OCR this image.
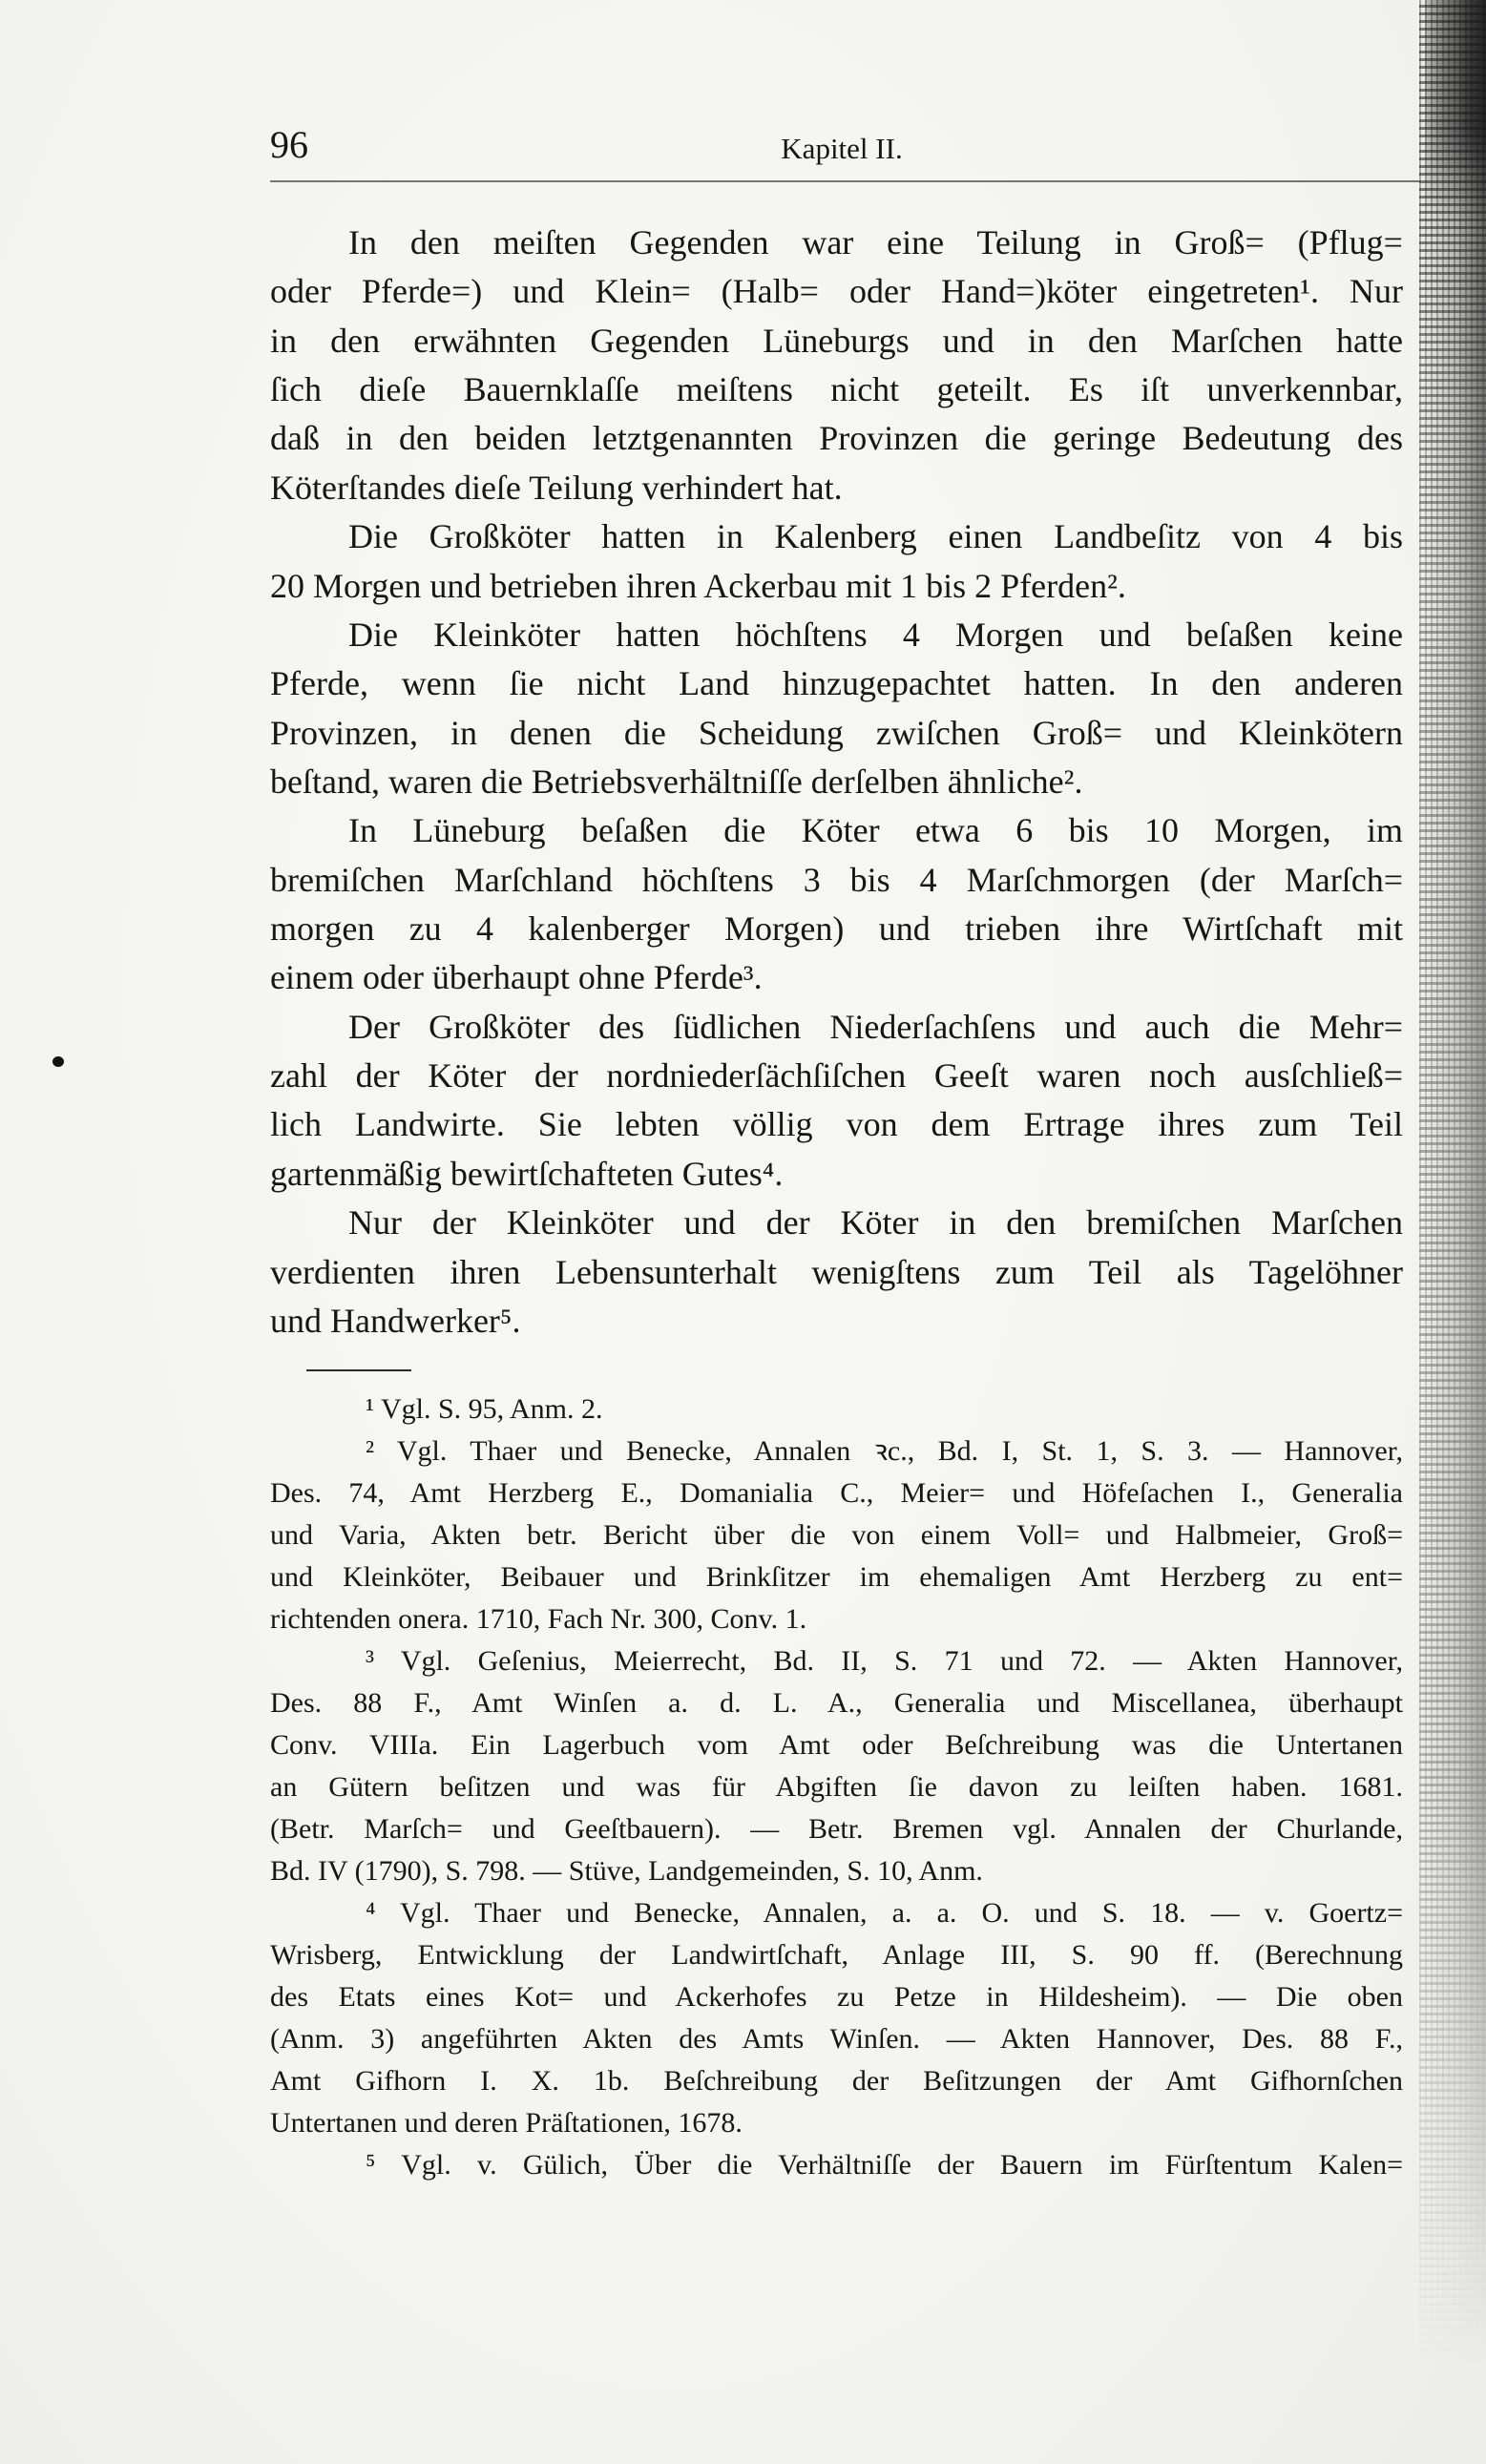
96	Kapitel II.
In den meiſten Gegenden war eine Teilung in Groß= (Pflug=
oder Pferde=) und Klein= (Halb= oder Hand=)köter eingetreten¹. Nur
in den erwähnten Gegenden Lüneburgs und in den Marſchen hatte
ſich dieſe Bauernklaſſe meiſtens nicht geteilt. Es iſt unverkennbar,
daß in den beiden letztgenannten Provinzen die geringe Bedeutung des
Köterſtandes dieſe Teilung verhindert hat.
Die Großköter hatten in Kalenberg einen Landbeſitz von 4 bis
20 Morgen und betrieben ihren Ackerbau mit 1 bis 2 Pferden².
Die Kleinköter hatten höchſtens 4 Morgen und beſaßen keine
Pferde, wenn ſie nicht Land hinzugepachtet hatten. In den anderen
Provinzen, in denen die Scheidung zwiſchen Groß= und Kleinkötern
beſtand, waren die Betriebsverhältniſſe derſelben ähnliche².
In Lüneburg beſaßen die Köter etwa 6 bis 10 Morgen, im
bremiſchen Marſchland höchſtens 3 bis 4 Marſchmorgen (der Marſch=
morgen zu 4 kalenberger Morgen) und trieben ihre Wirtſchaft mit
einem oder überhaupt ohne Pferde³.
Der Großköter des ſüdlichen Niederſachſens und auch die Mehr=
zahl der Köter der nordniederſächſiſchen Geeſt waren noch ausſchließ=
lich Landwirte. Sie lebten völlig von dem Ertrage ihres zum Teil
gartenmäßig bewirtſchafteten Gutes⁴.
Nur der Kleinköter und der Köter in den bremiſchen Marſchen
verdienten ihren Lebensunterhalt wenigſtens zum Teil als Tagelöhner
und Handwerker⁵.
¹ Vgl. S. 95, Anm. 2.
² Vgl. Thaer und Benecke, Annalen ꝛc., Bd. I, St. 1, S. 3. — Hannover,
Des. 74, Amt Herzberg E., Domanialia C., Meier= und Höfeſachen I., Generalia
und Varia, Akten betr. Bericht über die von einem Voll= und Halbmeier, Groß=
und Kleinköter, Beibauer und Brinkſitzer im ehemaligen Amt Herzberg zu ent=
richtenden onera. 1710, Fach Nr. 300, Conv. 1.
³ Vgl. Geſenius, Meierrecht, Bd. II, S. 71 und 72. — Akten Hannover,
Des. 88 F., Amt Winſen a. d. L. A., Generalia und Miscellanea, überhaupt
Conv. VIIIa. Ein Lagerbuch vom Amt oder Beſchreibung was die Untertanen
an Gütern beſitzen und was für Abgiften ſie davon zu leiſten haben. 1681.
(Betr. Marſch= und Geeſtbauern). — Betr. Bremen vgl. Annalen der Churlande,
Bd. IV (1790), S. 798. — Stüve, Landgemeinden, S. 10, Anm.
⁴ Vgl. Thaer und Benecke, Annalen, a. a. O. und S. 18. — v. Goertz=
Wrisberg, Entwicklung der Landwirtſchaft, Anlage III, S. 90 ff. (Berechnung
des Etats eines Kot= und Ackerhofes zu Petze in Hildesheim). — Die oben
(Anm. 3) angeführten Akten des Amts Winſen. — Akten Hannover, Des. 88 F.,
Amt Gifhorn I. X. 1b. Beſchreibung der Beſitzungen der Amt Gifhornſchen
Untertanen und deren Präſtationen, 1678.
⁵ Vgl. v. Gülich, Über die Verhältniſſe der Bauern im Fürſtentum Kalen=
